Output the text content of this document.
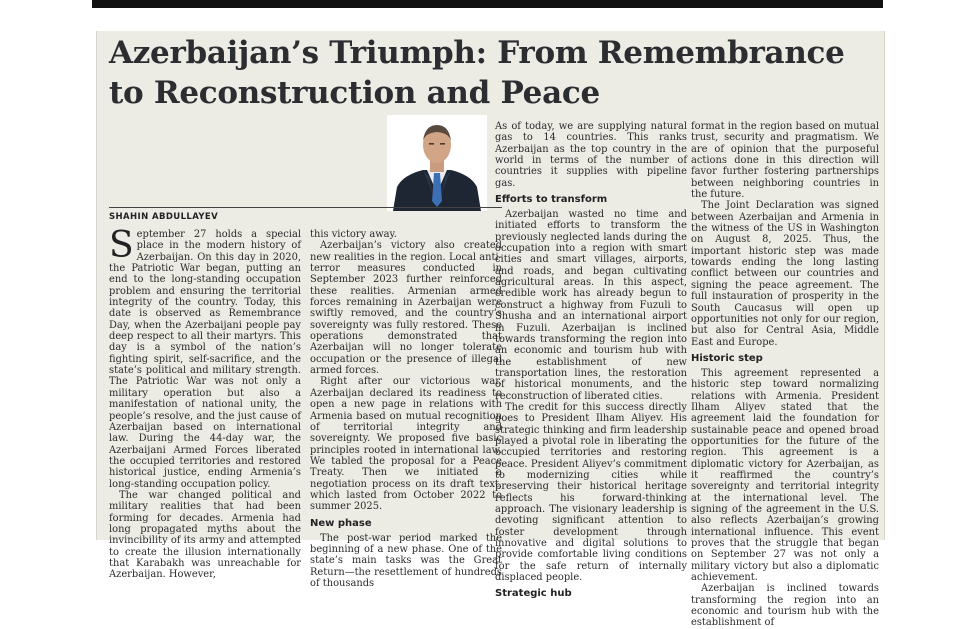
Azerbaijan’s Triumph: From Remembrance to Reconstruction and Peace
SHAHIN ABDULLAYEV

September 27 holds a special place in the modern history of Azerbaijan. On this day in 2020, the Patriotic War began, putting an end to the long-standing occupation problem and ensuring the territorial integrity of the country. Today, this date is observed as Remembrance Day, when the Azerbaijani people pay deep respect to all their martyrs. This day is a symbol of the nation’s fighting spirit, self-sacrifice, and the state’s political and military strength. The Patriotic War was not only a military operation but also a manifestation of national unity, the people’s resolve, and the just cause of Azerbaijan based on international law. During the 44-day war, the Azerbaijani Armed Forces liberated the occupied territories and restored historical justice, ending Armenia’s long-standing occupation policy.

The war changed political and military realities that had been forming for decades. Armenia had long propagated myths about the invincibility of its army and attempted to create the illusion internationally that Karabakh was unreachable for Azerbaijan. However,

this victory away.

Azerbaijan’s victory also created new realities in the region. Local anti-terror measures conducted in September 2023 further reinforced these realities. Armenian armed forces remaining in Azerbaijan were swiftly removed, and the country’s sovereignty was fully restored. These operations demonstrated that Azerbaijan will no longer tolerate occupation or the presence of illegal armed forces.

Right after our victorious war, Azerbaijan declared its readiness to open a new page in relations with Armenia based on mutual recognition of territorial integrity and sovereignty. We proposed five basic principles rooted in international law. We tabled the proposal for a Peace Treaty. Then we initiated a negotiation process on its draft text, which lasted from October 2022 to summer 2025.

New phase

The post-war period marked the beginning of a new phase. One of the state’s main tasks was the Great Return—the resettlement of hundreds of thousands

As of today, we are supplying natural gas to 14 countries. This ranks Azerbaijan as the top country in the world in terms of the number of countries it supplies with pipeline gas.

Efforts to transform

Azerbaijan wasted no time and initiated efforts to transform the previously neglected lands during the occupation into a region with smart cities and smart villages, airports, and roads, and began cultivating agricultural areas. In this aspect, credible work has already begun to construct a highway from Fuzuli to Shusha and an international airport in Fuzuli. Azerbaijan is inclined towards transforming the region into an economic and tourism hub with the establishment of new transportation lines, the restoration of historical monuments, and the reconstruction of liberated cities.

The credit for this success directly goes to President Ilham Aliyev. His strategic thinking and firm leadership played a pivotal role in liberating the occupied territories and restoring peace. President Aliyev’s commitment to modernizing cities while preserving their historical heritage reflects his forward-thinking approach. The visionary leadership is devoting significant attention to foster development through innovative and digital solutions to provide comfortable living conditions for the safe return of internally displaced people.

Strategic hub

format in the region based on mutual trust, security and pragmatism. We are of opinion that the purposeful actions done in this direction will favor further fostering partnerships between neighboring countries in the future.

The Joint Declaration was signed between Azerbaijan and Armenia in the witness of the US in Washington on August 8, 2025. Thus, the important historic step was made towards ending the long lasting conflict between our countries and signing the peace agreement. The full instauration of prosperity in the South Caucasus will open up opportunities not only for our region, but also for Central Asia, Middle East and Europe.

Historic step

This agreement represented a historic step toward normalizing relations with Armenia. President Ilham Aliyev stated that the agreement laid the foundation for sustainable peace and opened broad opportunities for the future of the region. This agreement is a diplomatic victory for Azerbaijan, as it reaffirmed the country’s sovereignty and territorial integrity at the international level. The signing of the agreement in the U.S. also reflects Azerbaijan’s growing international influence. This event proves that the struggle that began on September 27 was not only a military victory but also a diplomatic achievement.

Azerbaijan is inclined towards transforming the region into an economic and tourism hub with the establishment of
